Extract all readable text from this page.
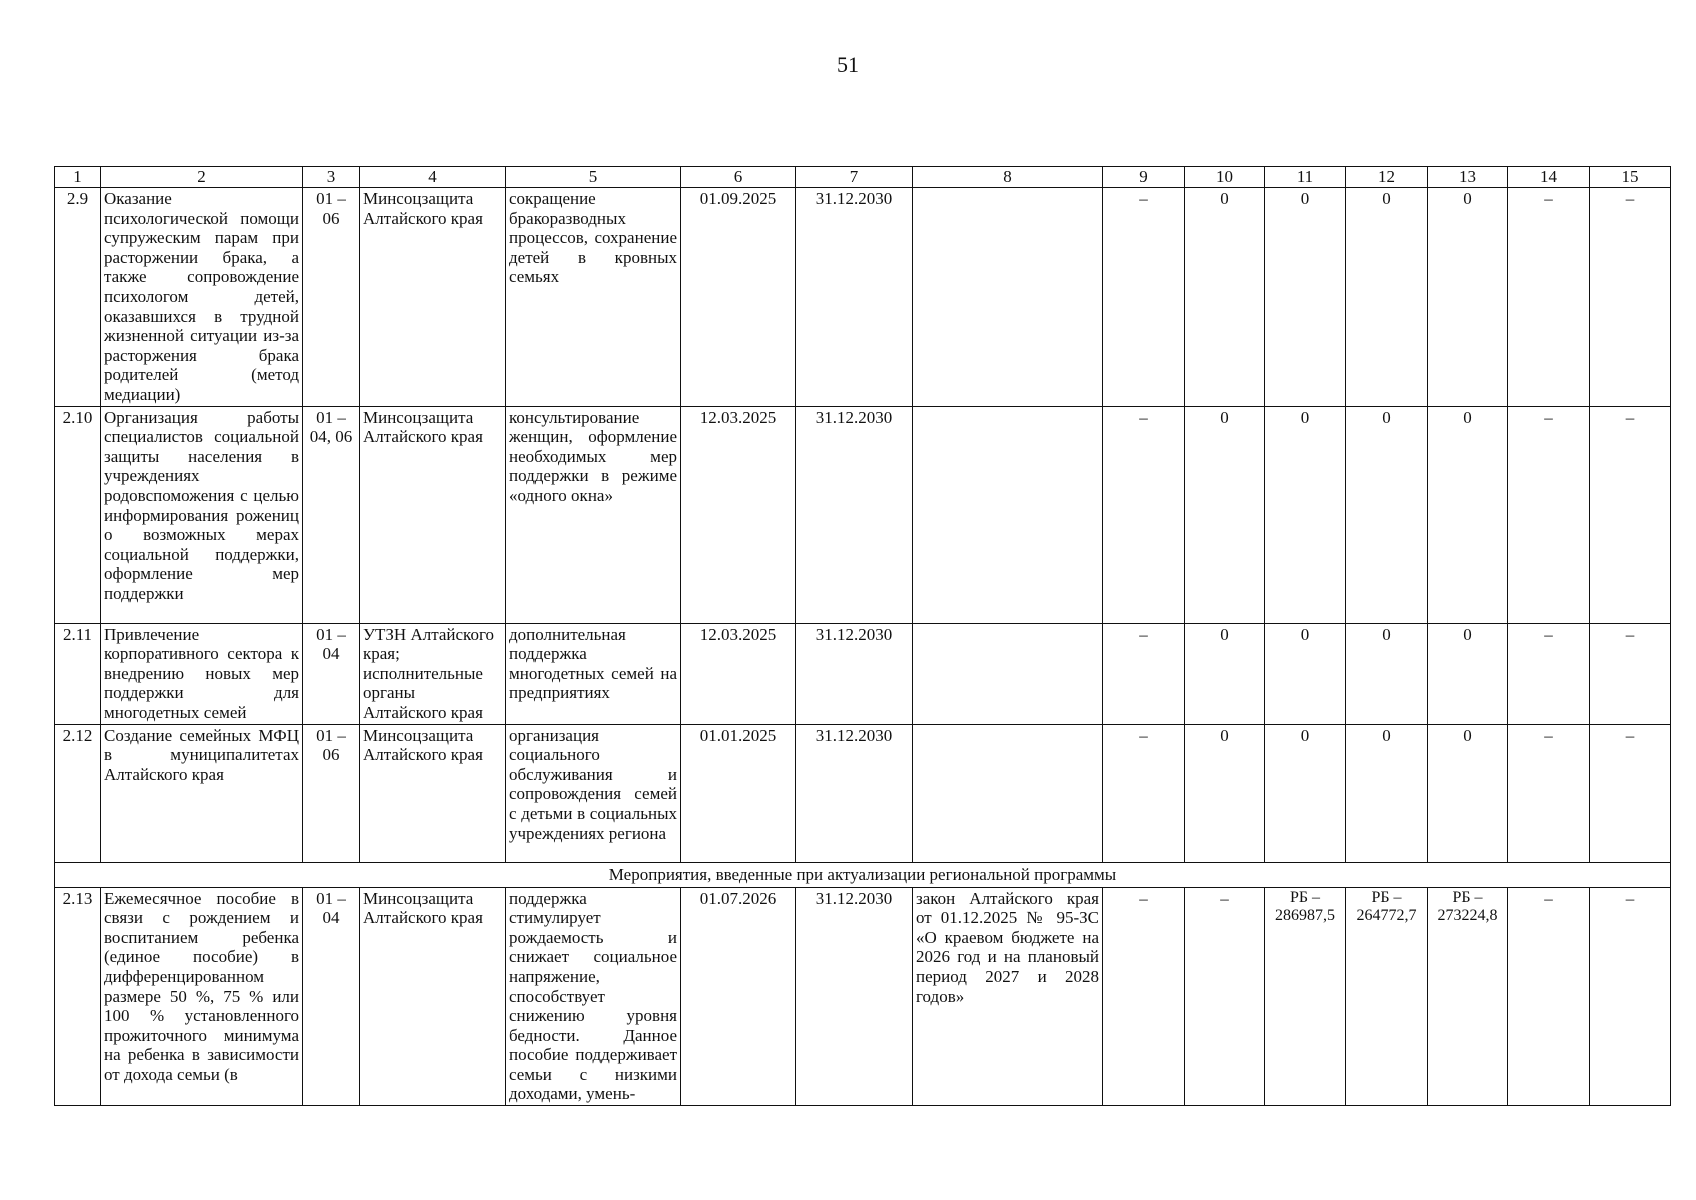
51
1	2	3	4	5	6	7	8	9	10	11	12	13	14	15
2.9	Оказание психологической помощи супружеским парам при расторжении брака, а также сопровождение психологом детей, оказавшихся в трудной жизненной ситуации из-за расторжения брака родителей (метод медиации)	01 – 06	Минсоцзащита Алтайского края	сокращение бракоразводных процессов, сохранение детей в кровных семьях	01.09.2025	31.12.2030		–	0	0	0	0	–	–
2.10	Организация работы специалистов социальной защиты населения в учреждениях родовспоможения с целью информирования рожениц о возможных мерах социальной поддержки, оформление мер поддержки	01 – 04, 06	Минсоцзащита Алтайского края	консультирование женщин, оформление необходимых мер поддержки в режиме «одного окна»	12.03.2025	31.12.2030		–	0	0	0	0	–	–
2.11	Привлечение корпоративного сектора к внедрению новых мер поддержки для многодетных семей	01 – 04	УТЗН Алтайского края; исполнительные органы Алтайского края	дополнительная поддержка многодетных семей на предприятиях	12.03.2025	31.12.2030		–	0	0	0	0	–	–
2.12	Создание семейных МФЦ в муниципалитетах Алтайского края	01 – 06	Минсоцзащита Алтайского края	организация социального обслуживания и сопровождения семей с детьми в социальных учреждениях региона	01.01.2025	31.12.2030		–	0	0	0	0	–	–
Мероприятия, введенные при актуализации региональной программы														
2.13	Ежемесячное пособие в связи с рождением и воспитанием ребенка (единое пособие) в дифференцированном размере 50 %, 75 % или 100 % установленного прожиточного минимума на ребенка в зависимости от дохода семьи (в	01 – 04	Минсоцзащита Алтайского края	поддержка стимулирует рождаемость и снижает социальное напряжение, способствует снижению уровня бедности. Данное пособие поддерживает семьи с низкими доходами, умень-	01.07.2026	31.12.2030	закон Алтайского края от 01.12.2025 № 95-ЗС «О краевом бюджете на 2026 год и на плановый период 2027 и 2028 годов»	–	–	РБ – 286987,5	РБ – 264772,7	РБ – 273224,8	–	–
